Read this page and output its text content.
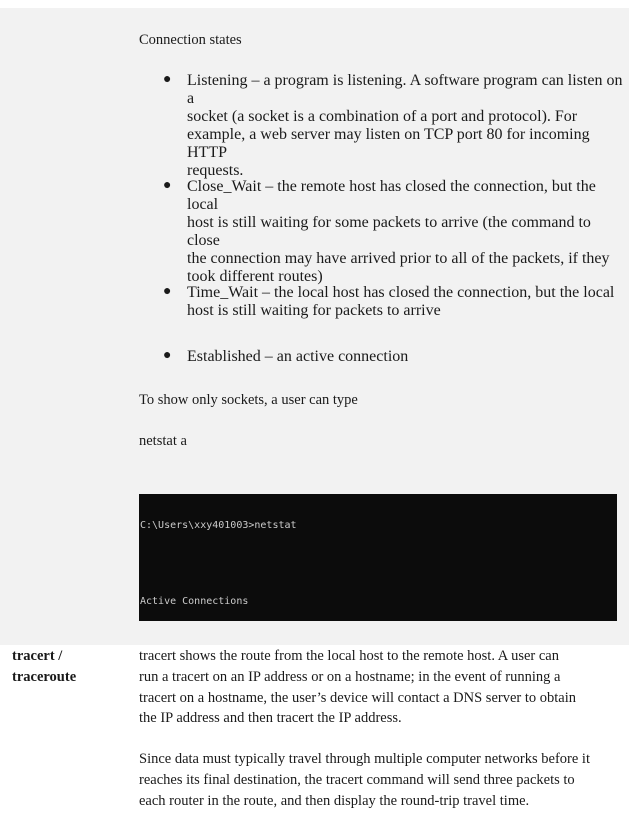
Connection states
● Listening – a program is listening. A software program can listen on a
socket (a socket is a combination of a port and protocol). For
example, a web server may listen on TCP port 80 for incoming HTTP
requests.
● Close_Wait – the remote host has closed the connection, but the local
host is still waiting for some packets to arrive (the command to close
the connection may have arrived prior to all of the packets, if they
took different routes)
● Time_Wait – the local host has closed the connection, but the local
host is still waiting for packets to arrive
● Established – an active connection
To show only sockets, a user can type
netstat a

C:\Users\xxy401003>netstat

Active Connections

tracert /
traceroute
tracert shows the route from the local host to the remote host. A user can
run a tracert on an IP address or on a hostname; in the event of running a
tracert on a hostname, the user’s device will contact a DNS server to obtain
the IP address and then tracert the IP address.
Since data must typically travel through multiple computer networks before it
reaches its final destination, the tracert command will send three packets to
each router in the route, and then display the round-trip travel time.
